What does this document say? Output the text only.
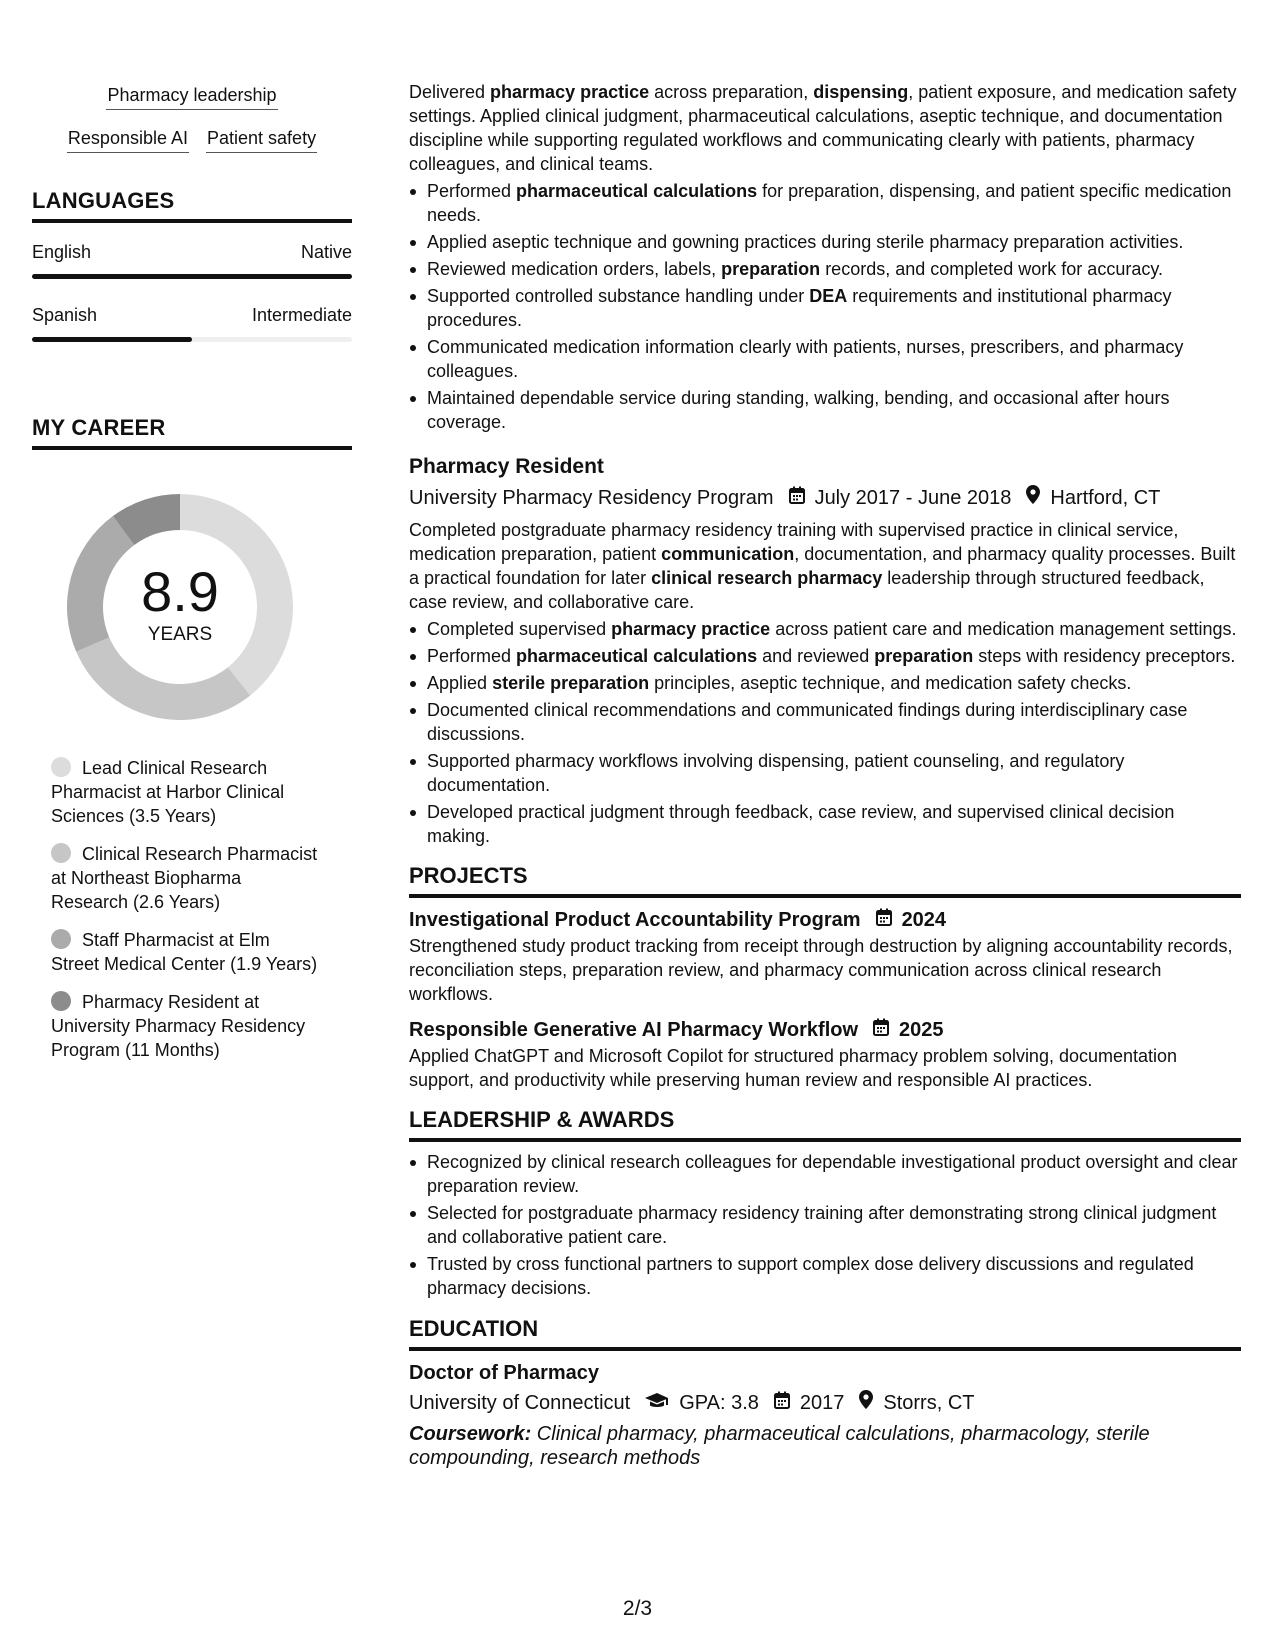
Pharmacy leadership
Responsible AI Patient safety
LANGUAGES
English	Native
Spanish	Intermediate
MY CAREER
8.9
YEARS
Lead Clinical Research Pharmacist at Harbor Clinical Sciences (3.5 Years)
Clinical Research Pharmacist at Northeast Biopharma Research (2.6 Years)
Staff Pharmacist at Elm Street Medical Center (1.9 Years)
Pharmacy Resident at University Pharmacy Residency Program (11 Months)
Delivered pharmacy practice across preparation, dispensing, patient exposure, and medication safety settings. Applied clinical judgment, pharmaceutical calculations, aseptic technique, and documentation discipline while supporting regulated workflows and communicating clearly with patients, pharmacy colleagues, and clinical teams.
Performed pharmaceutical calculations for preparation, dispensing, and patient specific medication needs.
Applied aseptic technique and gowning practices during sterile pharmacy preparation activities.
Reviewed medication orders, labels, preparation records, and completed work for accuracy.
Supported controlled substance handling under DEA requirements and institutional pharmacy procedures.
Communicated medication information clearly with patients, nurses, prescribers, and pharmacy colleagues.
Maintained dependable service during standing, walking, bending, and occasional after hours coverage.
Pharmacy Resident
University Pharmacy Residency Program July 2017 - June 2018 Hartford, CT
Completed postgraduate pharmacy residency training with supervised practice in clinical service, medication preparation, patient communication, documentation, and pharmacy quality processes. Built a practical foundation for later clinical research pharmacy leadership through structured feedback, case review, and collaborative care.
Completed supervised pharmacy practice across patient care and medication management settings.
Performed pharmaceutical calculations and reviewed preparation steps with residency preceptors.
Applied sterile preparation principles, aseptic technique, and medication safety checks.
Documented clinical recommendations and communicated findings during interdisciplinary case discussions.
Supported pharmacy workflows involving dispensing, patient counseling, and regulatory documentation.
Developed practical judgment through feedback, case review, and supervised clinical decision making.
PROJECTS
Investigational Product Accountability Program 2024
Strengthened study product tracking from receipt through destruction by aligning accountability records, reconciliation steps, preparation review, and pharmacy communication across clinical research workflows.
Responsible Generative AI Pharmacy Workflow 2025
Applied ChatGPT and Microsoft Copilot for structured pharmacy problem solving, documentation support, and productivity while preserving human review and responsible AI practices.
LEADERSHIP & AWARDS
Recognized by clinical research colleagues for dependable investigational product oversight and clear preparation review.
Selected for postgraduate pharmacy residency training after demonstrating strong clinical judgment and collaborative patient care.
Trusted by cross functional partners to support complex dose delivery discussions and regulated pharmacy decisions.
EDUCATION
Doctor of Pharmacy
University of Connecticut GPA: 3.8 2017 Storrs, CT
Coursework: Clinical pharmacy, pharmaceutical calculations, pharmacology, sterile compounding, research methods
2/3
